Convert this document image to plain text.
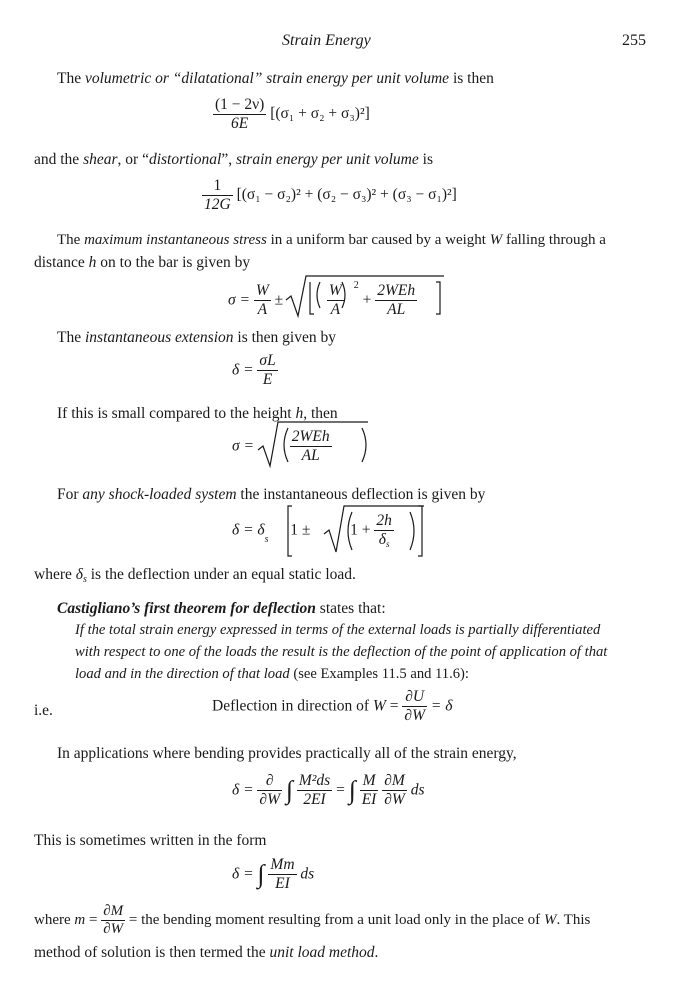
Strain Energy	255
The volumetric or “dilatational” strain energy per unit volume is then
$\frac{(1 - 2\nu)}{6E} [(\sigma_1 + \sigma_2 + \sigma_3)^2]$
and the shear, or “distortional”, strain energy per unit volume is
$\frac{1}{12G} [(\sigma_1 - \sigma_2)^2 + (\sigma_2 - \sigma_3)^2 + (\sigma_3 - \sigma_1)^2]$
The maximum instantaneous stress in a uniform bar caused by a weight W falling through a
distance h on to the bar is given by
$\sigma = \frac{W}{A}$ ±	$\frac{W}{A} ^2 + \frac{\text{2WEh}}{AL}$
The instantaneous extension is then given by
$\delta = \frac{\sigma L}{E}$
If this is small compared to the height h, then
$\sigma = \frac{\text{2WEh}}{AL}$
For any shock-loaded system the instantaneous deflection is given by
$\delta = \delta_s$  1 ±	$1 + \frac{2h}{\delta s}$
where $\delta_s$ is the deflection under an equal static load.
Castigliano’s first theorem for deflection states that:
If the total strain energy expressed in terms of the external loads is partially differentiated
with respect to one of the loads the result is the deflection of the point of application of that
load and in the direction of that load (see Examples 11.5 and 11.6):
i.e.	Deflection in direction of $W = \frac{\partial U}{\partial W} = \delta$
In applications where bending provides practically all of the strain energy,
$\delta = \frac{\partial}{\partial W}$ ∫ $\frac{\text{M²ds}}{2EI}$ = ∫ $\frac{M}{EI}$
$\frac{\partial M}{\partial W}$ ds
This is sometimes written in the form
δ = ∫ $\frac{Mm}{EI}$ ds
where $m = \frac{\partial M}{\partial W}$ = the bending moment resulting from a unit load only in the place of W. This
method of solution is then termed the unit load method.
